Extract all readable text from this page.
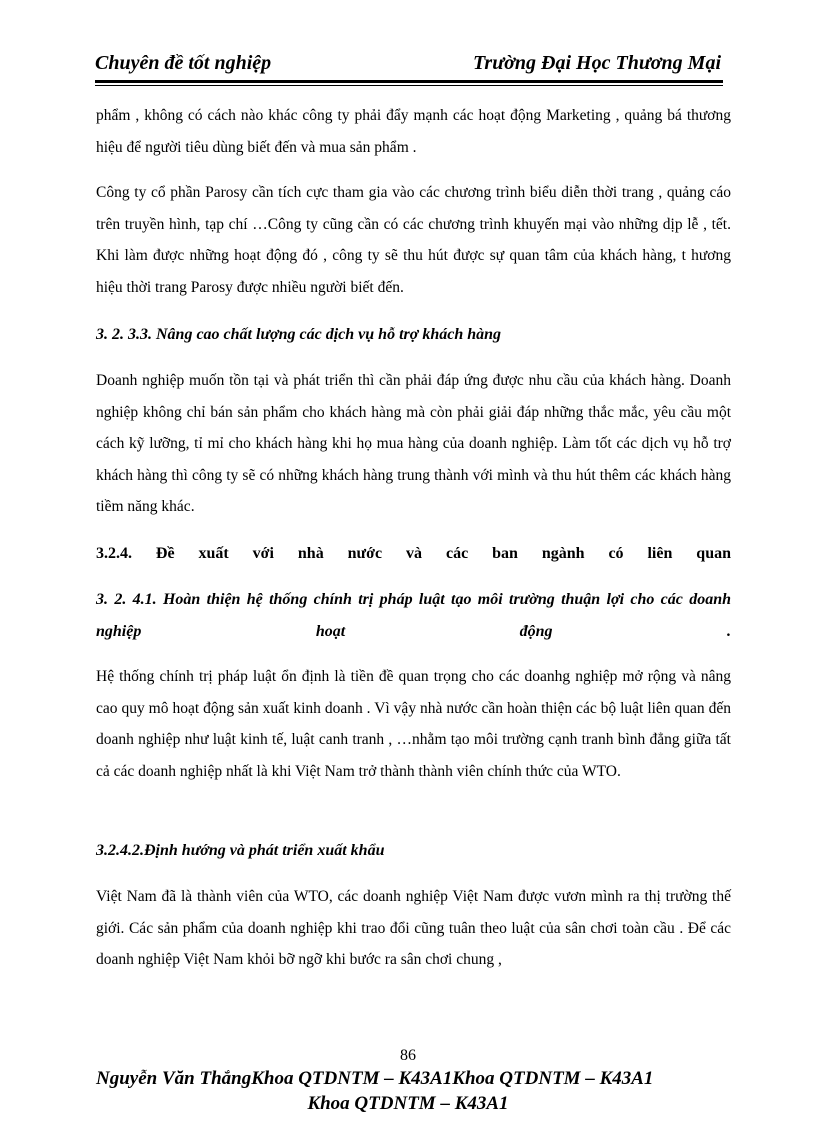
Chuyên đề tốt nghiệp	Trường Đại Học Thương Mại
phẩm , không có cách nào khác công ty phải đẩy mạnh các hoạt động Marketing , quảng bá thương hiệu để người tiêu dùng biết đến và mua sản phẩm .
Công ty cổ phần Parosy cần tích cực tham gia vào các chương trình biểu diễn thời trang , quảng cáo trên truyền hình, tạp chí …Công ty cũng cần có các chương trình khuyến mại vào những dịp lễ , tết. Khi làm được những hoạt động đó , công ty sẽ thu hút được sự quan tâm của khách hàng, t hương hiệu thời trang Parosy được nhiều người biết đến.
3. 2. 3.3. Nâng cao chất lượng các dịch vụ hỗ trợ khách hàng
Doanh nghiệp muốn tồn tại và phát triển thì cần phải đáp ứng được nhu cầu của khách hàng. Doanh nghiệp không chỉ bán sản phẩm cho khách hàng mà còn phải giải đáp những thắc mắc, yêu cầu một cách kỹ lưỡng, tỉ mỉ cho khách hàng khi họ mua hàng của doanh nghiệp. Làm tốt các dịch vụ hỗ trợ khách hàng thì công ty sẽ có những khách hàng trung thành với mình và thu hút thêm các khách hàng tiềm năng khác.
3.2.4. Đề xuất với nhà nước và các ban ngành có liên quan
3. 2. 4.1. Hoàn thiện hệ thống chính trị pháp luật tạo môi trường thuận lợi cho các doanh nghiệp hoạt động .
Hệ thống chính trị pháp luật ổn định là tiền đề quan trọng cho các doanhg nghiệp mở rộng và nâng cao quy mô hoạt động sản xuất kinh doanh . Vì vậy nhà nước cần hoàn thiện các bộ luật liên quan đến doanh nghiệp như luật kinh tế, luật canh tranh , …nhằm tạo môi trường cạnh tranh bình đẳng giữa tất cả các doanh nghiệp nhất là khi Việt Nam trở thành thành viên chính thức của WTO.
3.2.4.2.Định hướng và phát triển xuất khẩu
Việt Nam đã là thành viên của WTO, các doanh nghiệp Việt Nam được vươn mình ra thị trường thế giới. Các sản phẩm của doanh nghiệp khi trao đổi cũng tuân theo luật của sân chơi toàn cầu . Để các doanh nghiệp Việt Nam khỏi bỡ ngỡ khi bước ra sân chơi chung ,
86
Nguyễn Văn ThắngKhoa QTDNTM – K43A1Khoa QTDNTM – K43A1
Khoa QTDNTM – K43A1
